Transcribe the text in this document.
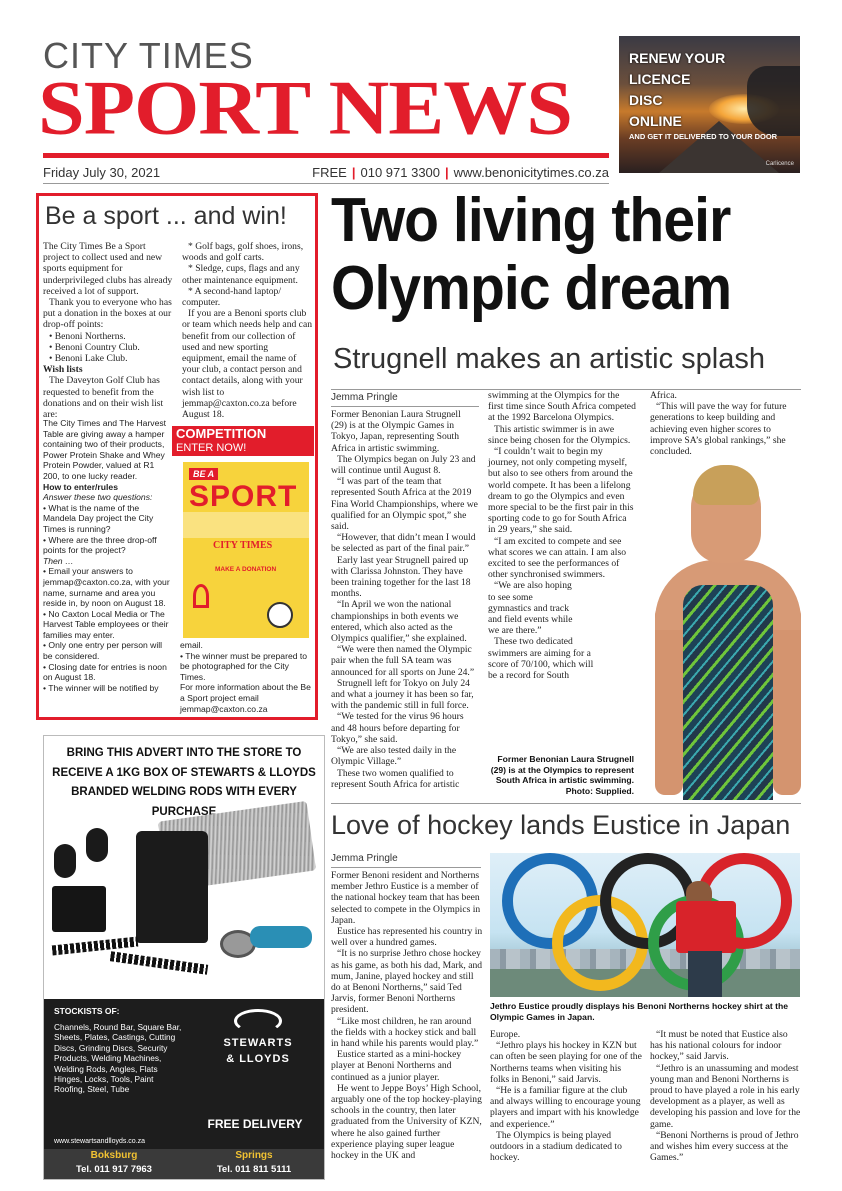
CITY TIMES
SPORT NEWS
Friday July 30, 2021	FREE | 010 971 3300 | www.benonicitytimes.co.za
RENEW YOUR
LICENCE
DISC
ONLINE
AND GET IT DELIVERED TO YOUR DOOR
Carlicence
Be a sport ... and win!

The City Times Be a Sport project to collect used and new sports equipment for underprivileged clubs has already received a lot of support.

Thank you to everyone who has put a donation in the boxes at our drop-off points:

• Benoni Northerns.

• Benoni Country Club.

• Benoni Lake Club.

Wish lists

The Daveyton Golf Club has requested to benefit from the donations and on their wish list are:

* Golf bags, golf shoes, irons, woods and golf carts.

* Sledge, cups, flags and any other maintenance equipment.

* A second-hand laptop/ computer.

If you are a Benoni sports club or team which needs help and can benefit from our collection of used and new sporting equipment, email the name of your club, a contact person and contact details, along with your wish list to jemmap@caxton.co.za before August 18.

The City Times and The Harvest Table are giving away a hamper containing two of their products, Power Protein Shake and Whey Protein Powder, valued at R1 200, to one lucky reader.

How to enter/rules

Answer these two questions:

• What is the name of the Mandela Day project the City Times is running?

• Where are the three drop-off points for the project?

Then …

• Email your answers to jemmap@caxton.co.za, with your name, surname and area you reside in, by noon on August 18.

• No Caxton Local Media or The Harvest Table employees or their families may enter.

• Only one entry per person will be considered.

• Closing date for entries is noon on August 18.

• The winner will be notified by

email.

• The winner must be prepared to be photographed for the City Times.

For more information about the Be a Sport project email jemmap@caxton.co.za

COMPETITION
ENTER NOW!
BE A
SPORT
CITY TIMES
MAKE A DONATION
BRING THIS ADVERT INTO THE STORE TO
RECEIVE A 1KG BOX OF STEWARTS & LLOYDS
BRANDED WELDING RODS WITH EVERY PURCHASE
STOCKISTS OF:
Channels, Round Bar, Square Bar, Sheets, Plates, Castings, Cutting Discs, Grinding Discs, Security Products, Welding Machines, Welding Rods, Angles, Flats Hinges, Locks, Tools, Paint Roofing, Steel, Tube
www.stewartsandlloyds.co.za
STEWARTS
& LLOYDS
FREE DELIVERY
Boksburg
Tel. 011 917 7963
Springs
Tel. 011 811 5111
Two living their
Olympic dream
Strugnell makes an artistic splash
Jemma Pringle

Former Benonian Laura Strugnell (29) is at the Olympic Games in Tokyo, Japan, representing South Africa in artistic swimming.

The Olympics began on July 23 and will continue until August 8.

“I was part of the team that represented South Africa at the 2019 Fina World Championships, where we qualified for an Olympic spot,” she said.

“However, that didn’t mean I would be selected as part of the final pair.”

Early last year Strugnell paired up with Clarissa Johnston. They have been training together for the last 18 months.

“In April we won the national championships in both events we entered, which also acted as the Olympics qualifier,” she explained.

“We were then named the Olympic pair when the full SA team was announced for all sports on June 24.”

Strugnell left for Tokyo on July 24 and what a journey it has been so far, with the pandemic still in full force.

“We tested for the virus 96 hours and 48 hours before departing for Tokyo,” she said.

“We are also tested daily in the Olympic Village.”

These two women qualified to represent South Africa for artistic

swimming at the Olympics for the first time since South Africa competed at the 1992 Barcelona Olympics.

This artistic swimmer is in awe since being chosen for the Olympics.

“I couldn’t wait to begin my journey, not only competing myself, but also to see others from around the world compete. It has been a lifelong dream to go the Olympics and even more special to be the first pair in this sporting code to go for South Africa in 29 years,” she said.

“I am excited to compete and see what scores we can attain. I am also excited to see the performances of other synchronised swimmers.

“We are also hoping to see some gymnastics and track and field events while we are there.”

These two dedicated swimmers are aiming for a score of 70/100, which will be a record for South

Africa.

“This will pave the way for future generations to keep building and achieving even higher scores to improve SA’s global rankings,” she concluded.

Former Benonian Laura Strugnell (29) is at the Olympics to represent South Africa in artistic swimming. Photo: Supplied.
Love of hockey lands Eustice in Japan
Jemma Pringle

Former Benoni resident and Northerns member Jethro Eustice is a member of the national hockey team that has been selected to compete in the Olympics in Japan.

Eustice has represented his country in well over a hundred games.

“It is no surprise Jethro chose hockey as his game, as both his dad, Mark, and mum, Janine, played hockey and still do at Benoni Northerns,” said Ted Jarvis, former Benoni Northerns president.

“Like most children, he ran around the fields with a hockey stick and ball in hand while his parents would play.”

Eustice started as a mini-hockey player at Benoni Northerns and continued as a junior player.

He went to Jeppe Boys’ High School, arguably one of the top hockey-playing schools in the country, then later graduated from the University of KZN, where he also gained further experience playing super league hockey in the UK and

Jethro Eustice proudly displays his Benoni Northerns hockey shirt at the Olympic Games in Japan.

Europe.

“Jethro plays his hockey in KZN but can often be seen playing for one of the Northerns teams when visiting his folks in Benoni,” said Jarvis.

“He is a familiar figure at the club and always willing to encourage young players and impart with his knowledge and experience.”

The Olympics is being played outdoors in a stadium dedicated to hockey.

“It must be noted that Eustice also has his national colours for indoor hockey,” said Jarvis.

“Jethro is an unassuming and modest young man and Benoni Northerns is proud to have played a role in his early development as a player, as well as developing his passion and love for the game.

“Benoni Northerns is proud of Jethro and wishes him every success at the Games.”
